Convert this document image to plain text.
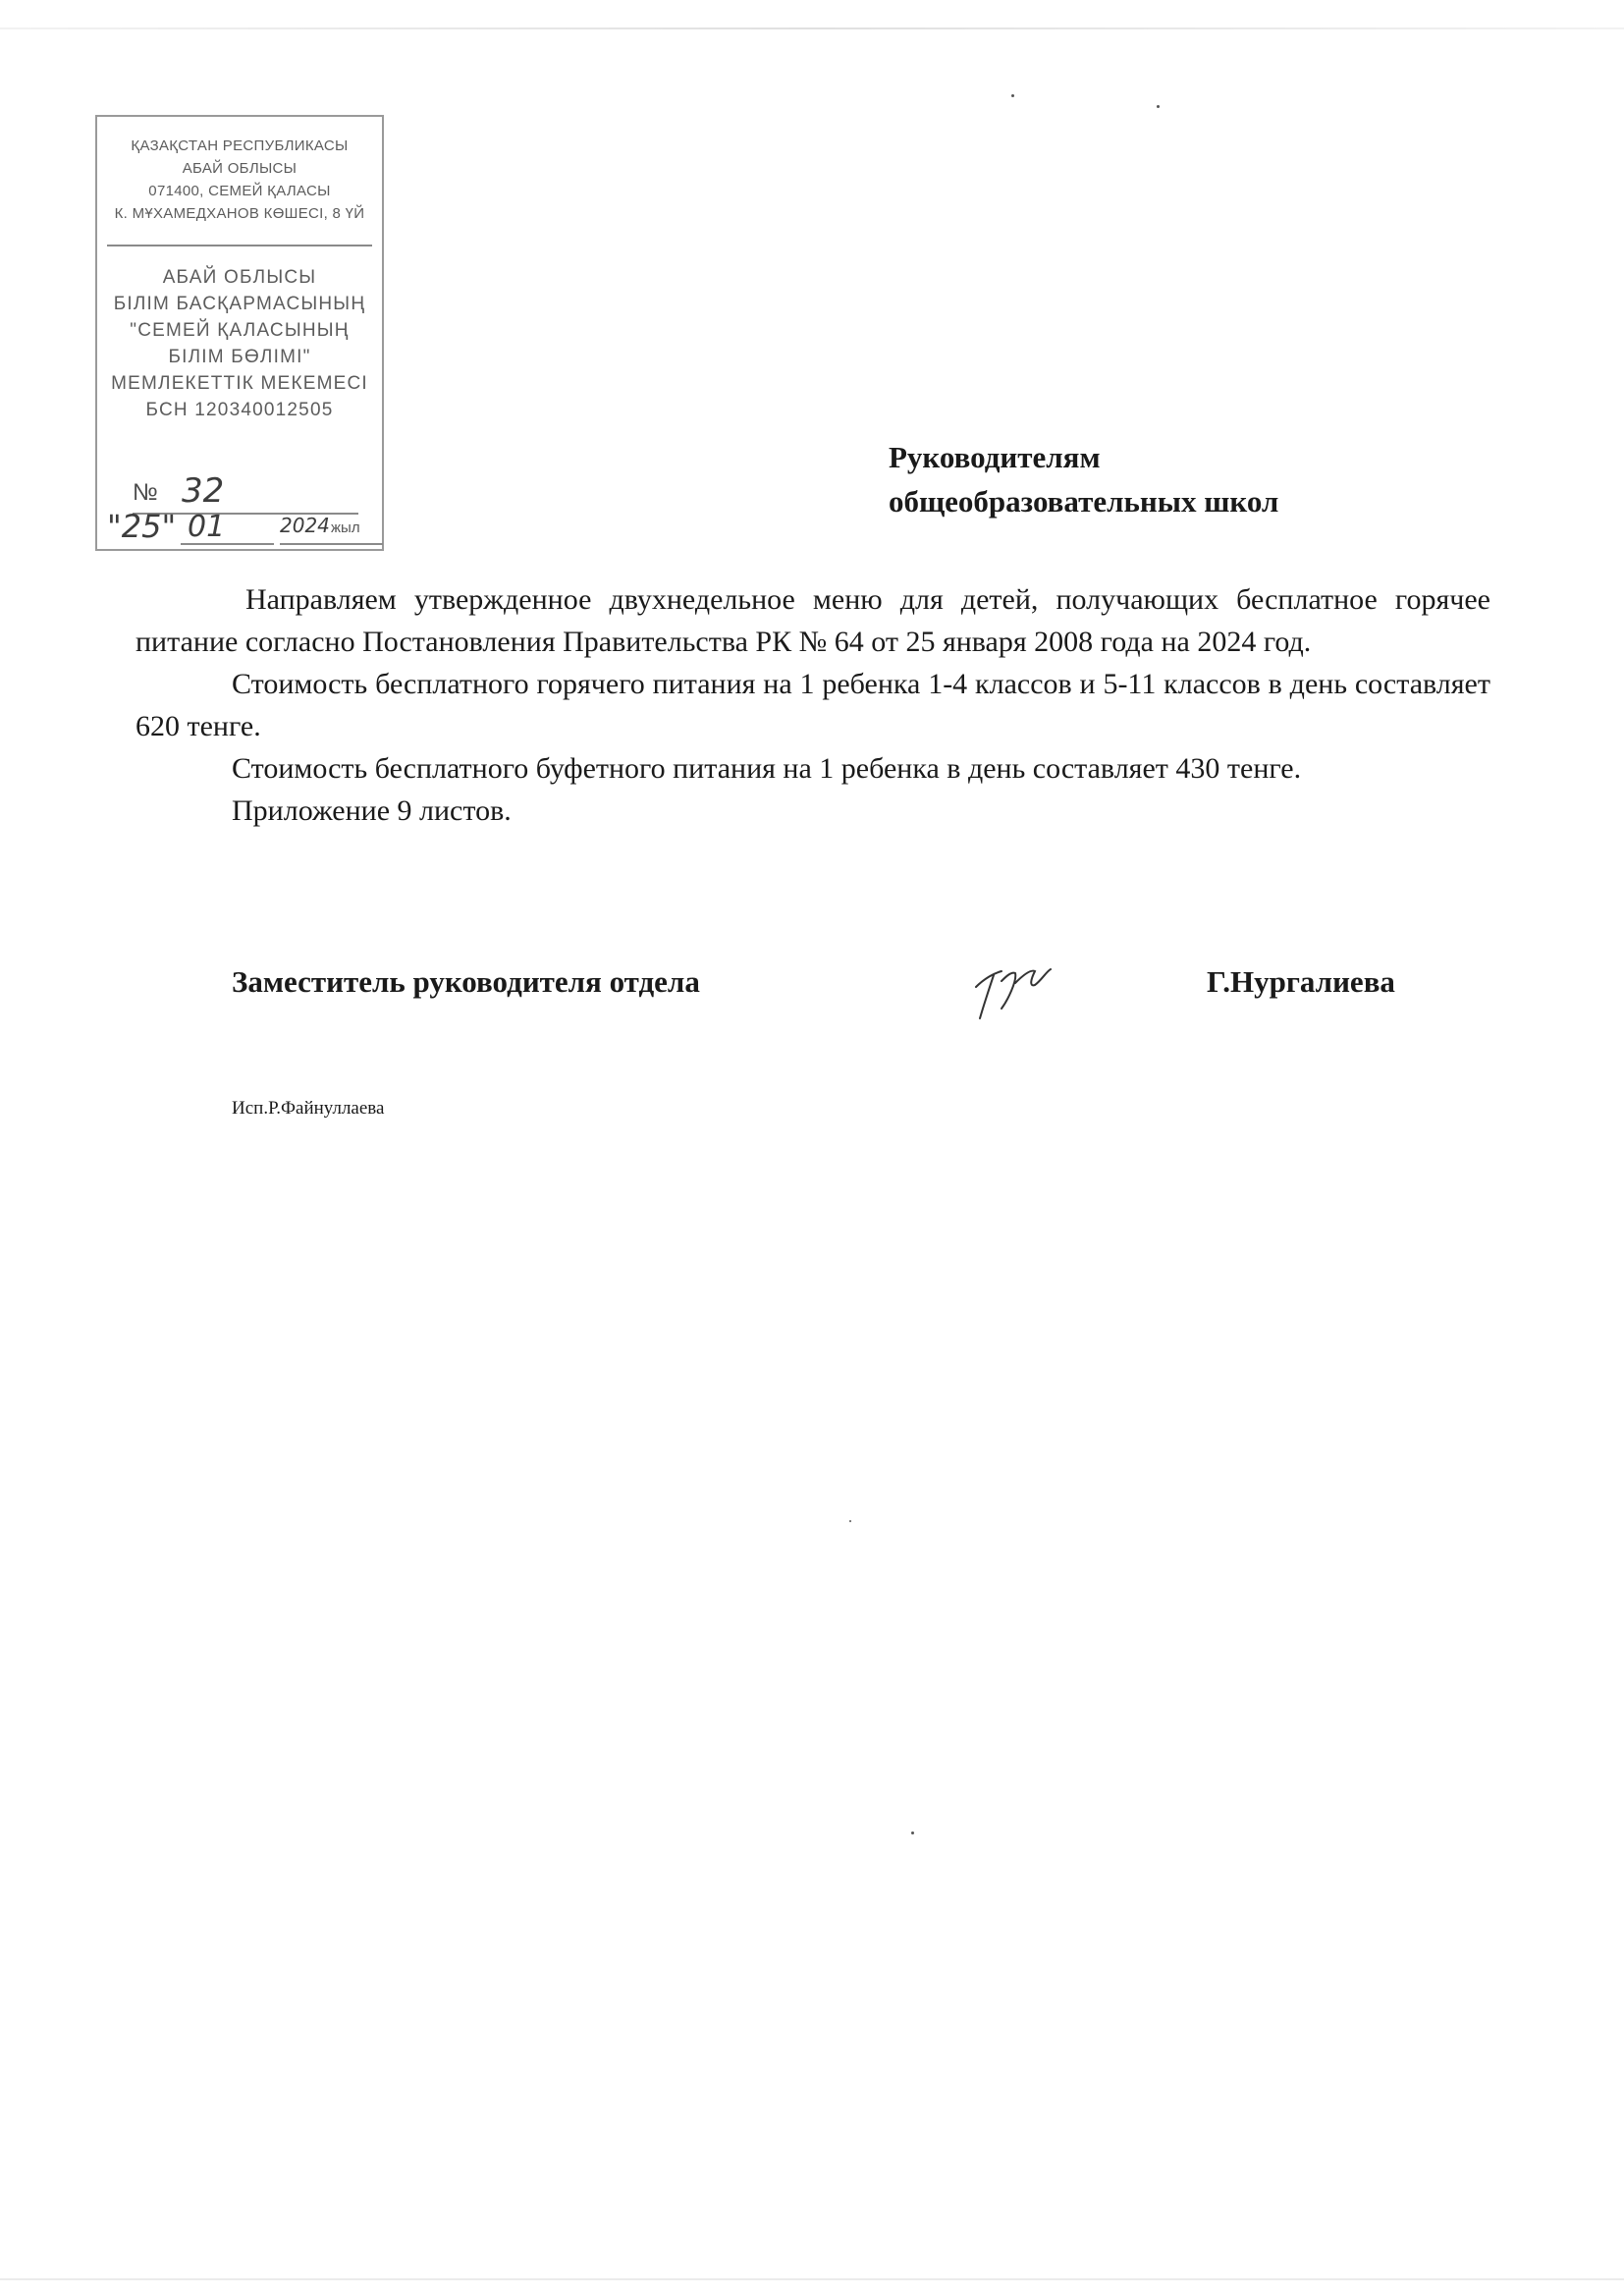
ҚАЗАҚСТАН РЕСПУБЛИКАСЫ
АБАЙ ОБЛЫСЫ
071400, СЕМЕЙ ҚАЛАСЫ
К. МҰХАМЕДХАНОВ КӨШЕСІ, 8 ҮЙ
АБАЙ ОБЛЫСЫ
БІЛІМ БАСҚАРМАСЫНЫҢ
"СЕМЕЙ ҚАЛАСЫНЫҢ
БІЛІМ БӨЛІМІ"
МЕМЛЕКЕТТІК МЕКЕМЕСІ
БСН 120340012505
№ 32
"25" 01	2024 жыл
Руководителям
общеобразовательных школ

Направляем утвержденное двухнедельное меню для детей, получающих бесплатное горячее питание согласно Постановления Правительства РК № 64 от 25 января 2008 года на 2024 год.

Стоимость бесплатного горячего питания на 1 ребенка 1-4 классов и 5-11 классов в день составляет 620 тенге.

Стоимость бесплатного буфетного питания на 1 ребенка в день составляет 430 тенге.

Приложение 9 листов.

Заместитель руководителя отдела	Г.Нургалиева
Исп.Р.Файнуллаева
